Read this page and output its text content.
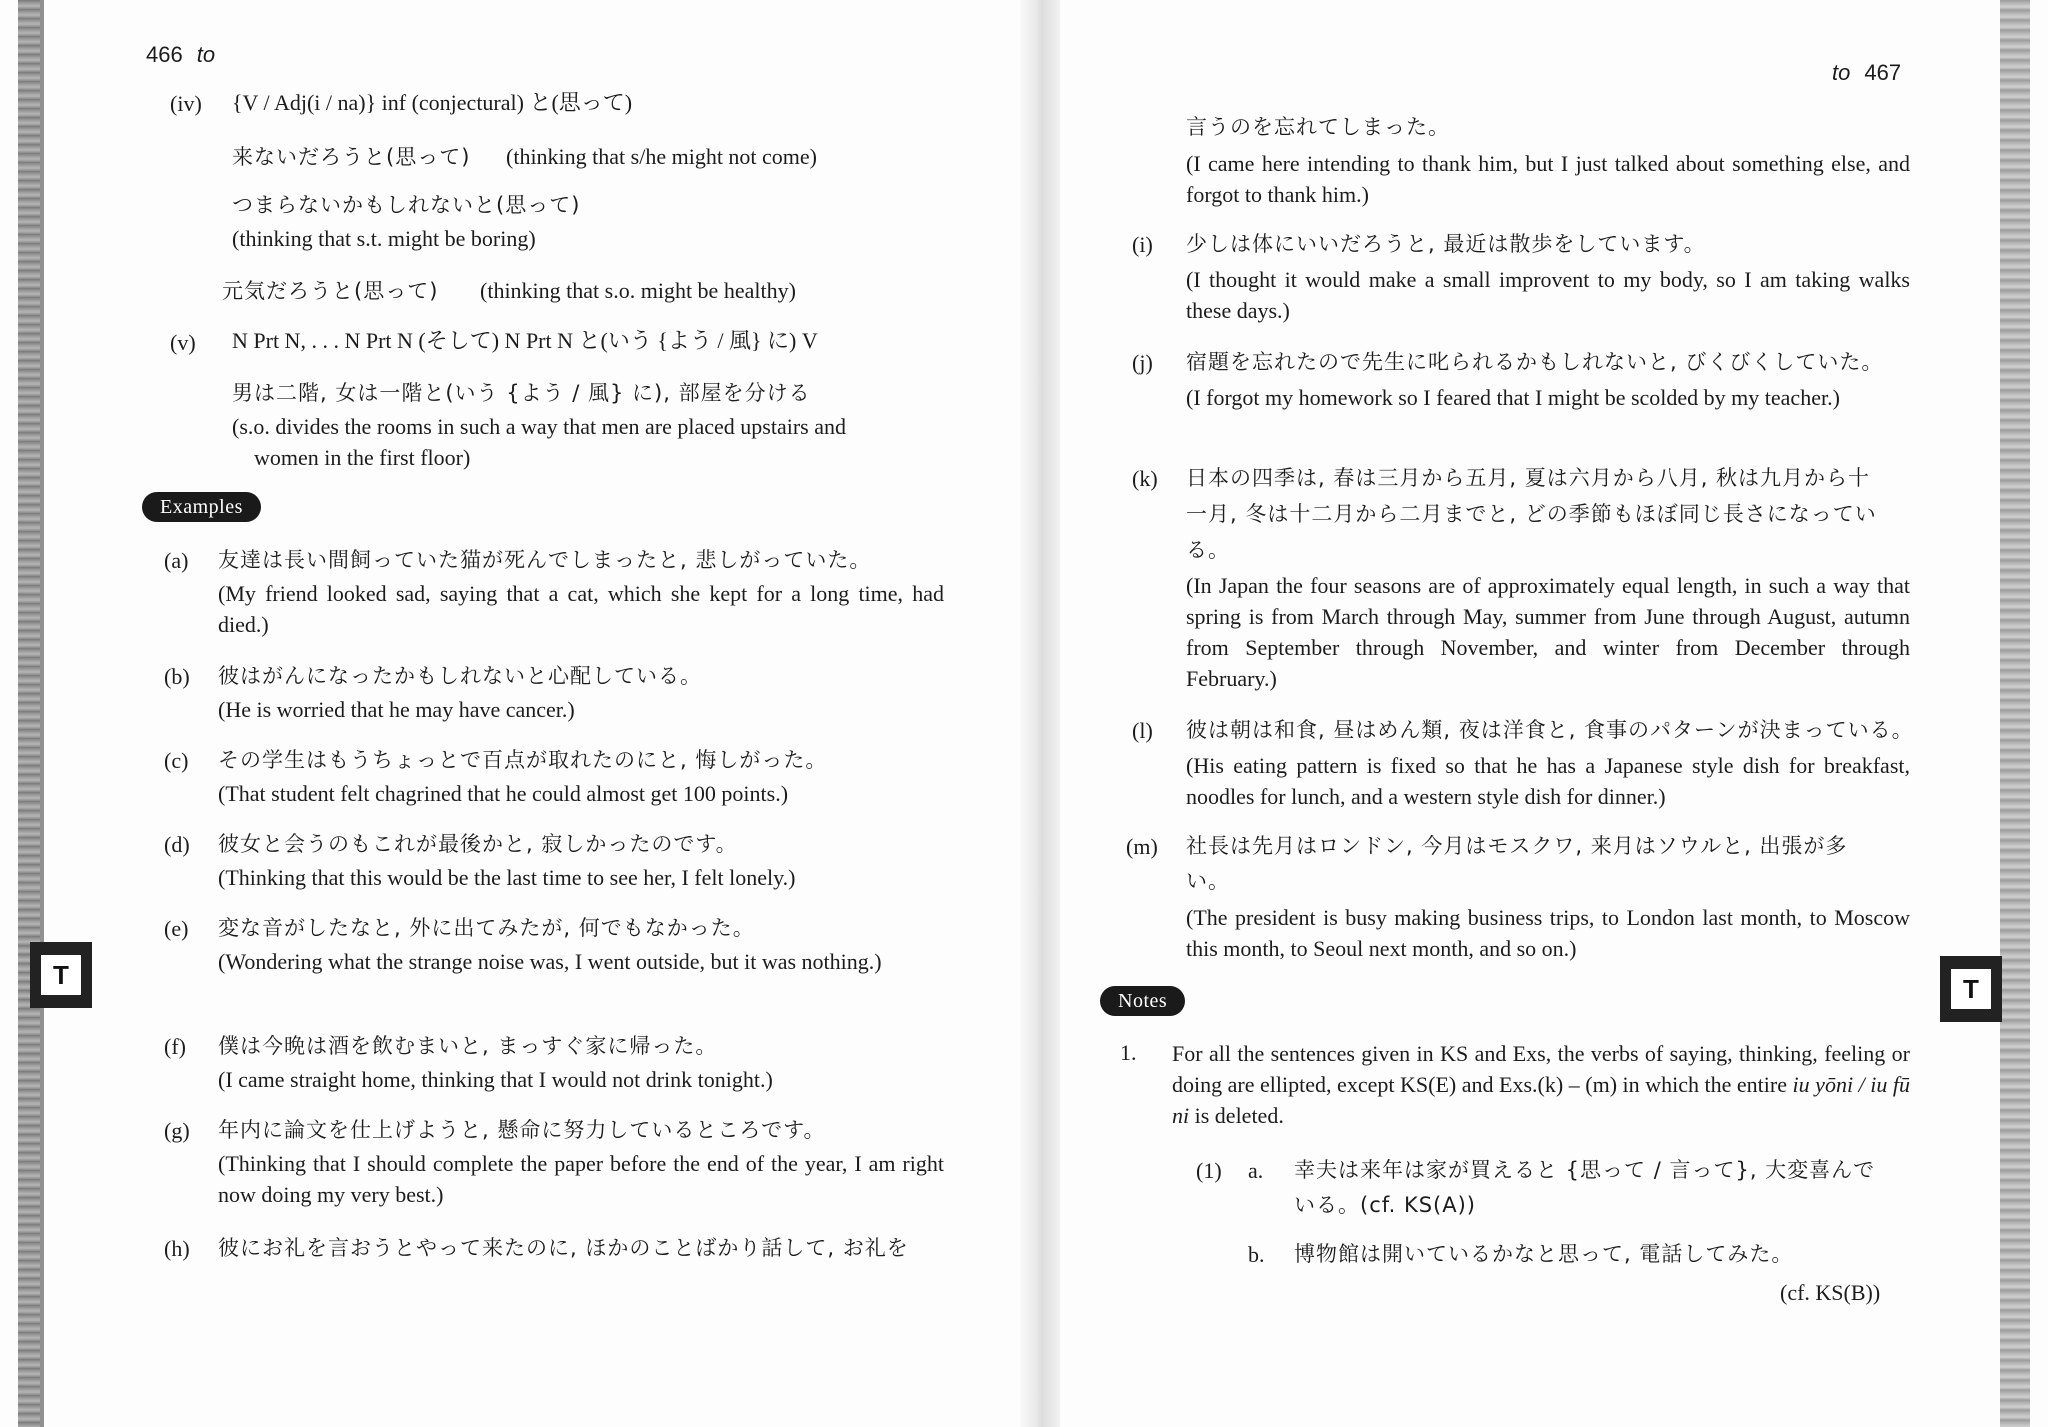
466 to
T
(iv) {V / Adj(i / na)} inf (conjectural) と(思って)
来ないだろうと(思って) (thinking that s/he might not come)
つまらないかもしれないと(思って)
(thinking that s.t. might be boring)
元気だろうと(思って) (thinking that s.o. might be healthy)
(v) N Prt N, . . . N Prt N (そして) N Prt N と(いう {よう / 風} に) V
男は二階, 女は一階と(いう {よう / 風} に), 部屋を分ける
(s.o. divides the rooms in such a way that men are placed upstairs and
women in the first floor)
Examples
(a) 友達は長い間飼っていた猫が死んでしまったと, 悲しがっていた。
(My friend looked sad, saying that a cat, which she kept for a long time, had died.)
(b) 彼はがんになったかもしれないと心配している。
(He is worried that he may have cancer.)
(c) その学生はもうちょっとで百点が取れたのにと, 悔しがった。
(That student felt chagrined that he could almost get 100 points.)
(d) 彼女と会うのもこれが最後かと, 寂しかったのです。
(Thinking that this would be the last time to see her, I felt lonely.)
(e) 変な音がしたなと, 外に出てみたが, 何でもなかった。
(Wondering what the strange noise was, I went outside, but it was nothing.)
(f) 僕は今晩は酒を飲むまいと, まっすぐ家に帰った。
(I came straight home, thinking that I would not drink tonight.)
(g) 年内に論文を仕上げようと, 懸命に努力しているところです。
(Thinking that I should complete the paper before the end of the year, I am right now doing my very best.)
(h) 彼にお礼を言おうとやって来たのに, ほかのことばかり話して, お礼を
to 467
T
言うのを忘れてしまった。
(I came here intending to thank him, but I just talked about something else, and forgot to thank him.)
(i) 少しは体にいいだろうと, 最近は散歩をしています。
(I thought it would make a small improvent to my body, so I am taking walks these days.)
(j) 宿題を忘れたので先生に叱られるかもしれないと, びくびくしていた。
(I forgot my homework so I feared that I might be scolded by my teacher.)
(k) 日本の四季は, 春は三月から五月, 夏は六月から八月, 秋は九月から十
一月, 冬は十二月から二月までと, どの季節もほぼ同じ長さになってい
る。
(In Japan the four seasons are of approximately equal length, in such a way that spring is from March through May, summer from June through August, autumn from September through November, and winter from December through February.)
(l) 彼は朝は和食, 昼はめん類, 夜は洋食と, 食事のパターンが決まっている。
(His eating pattern is fixed so that he has a Japanese style dish for breakfast, noodles for lunch, and a western style dish for dinner.)
(m) 社長は先月はロンドン, 今月はモスクワ, 来月はソウルと, 出張が多
い。
(The president is busy making business trips, to London last month, to Moscow this month, to Seoul next month, and so on.)
Notes
1. For all the sentences given in KS and Exs, the verbs of saying, thinking, feeling or doing are ellipted, except KS(E) and Exs.(k) – (m) in which the entire iu yōni / iu fū ni is deleted.
(1) a. 幸夫は来年は家が買えると {思って / 言って}, 大変喜んで
いる。(cf. KS(A))
b. 博物館は開いているかなと思って, 電話してみた。
(cf. KS(B))
